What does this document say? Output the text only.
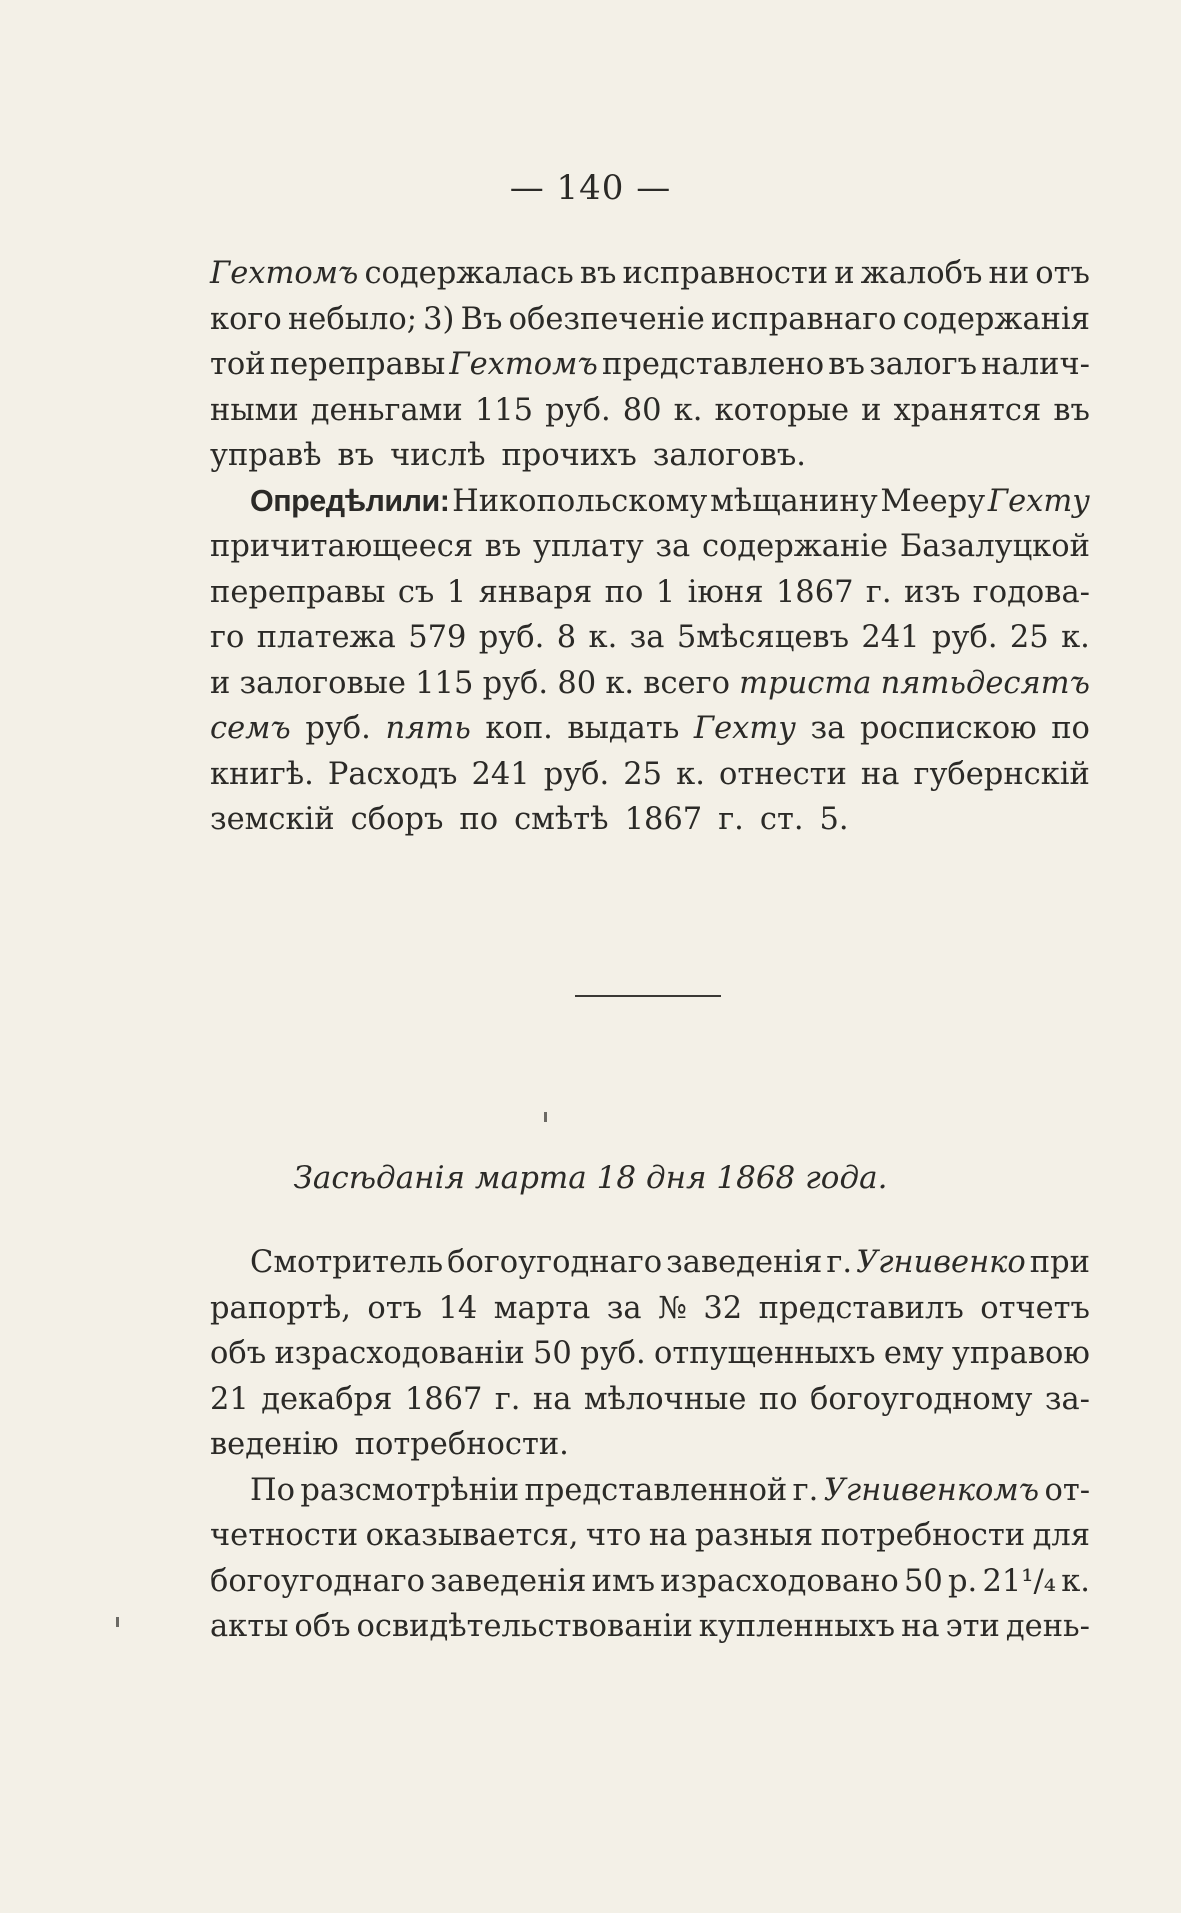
— 140 —
Гехтомъ содержалась въ исправности и жалобъ ни отъ
кого небыло; 3) Въ обезпеченіе исправнаго содержанія
той переправы Гехтомъ представлено въ залогъ налич-
ными деньгами 115 руб. 80 к. которые и хранятся въ
управѣ въ числѣ прочихъ залоговъ.
Опредѣлили: Никопольскому мѣщанину Мееру Гехту
причитающееся въ уплату за содержаніе Базалуцкой
переправы съ 1 января по 1 іюня 1867 г. изъ годова-
го платежа 579 руб. 8 к. за 5мѣсяцевъ 241 руб. 25 к.
и залоговые 115 руб. 80 к. всего триста пятьдесятъ
семъ руб. пять коп. выдать Гехту за роспискою по
книгѣ. Расходъ 241 руб. 25 к. отнести на губернскій
земскій сборъ по смѣтѣ 1867 г. ст. 5.
Засѣданія марта 18 дня 1868 года.
Смотритель богоугоднаго заведенія г. Угнивенко при
рапортѣ, отъ 14 марта за № 32 представилъ отчетъ
объ израсходованіи 50 руб. отпущенныхъ ему управою
21 декабря 1867 г. на мѣлочные по богоугодному за-
веденію потребности.
По разсмотрѣніи представленной г. Угнивенкомъ от-
четности оказывается, что на разныя потребности для
богоугоднаго заведенія имъ израсходовано 50 р. 21¹/₄ к.
акты объ освидѣтельствованіи купленныхъ на эти день-
